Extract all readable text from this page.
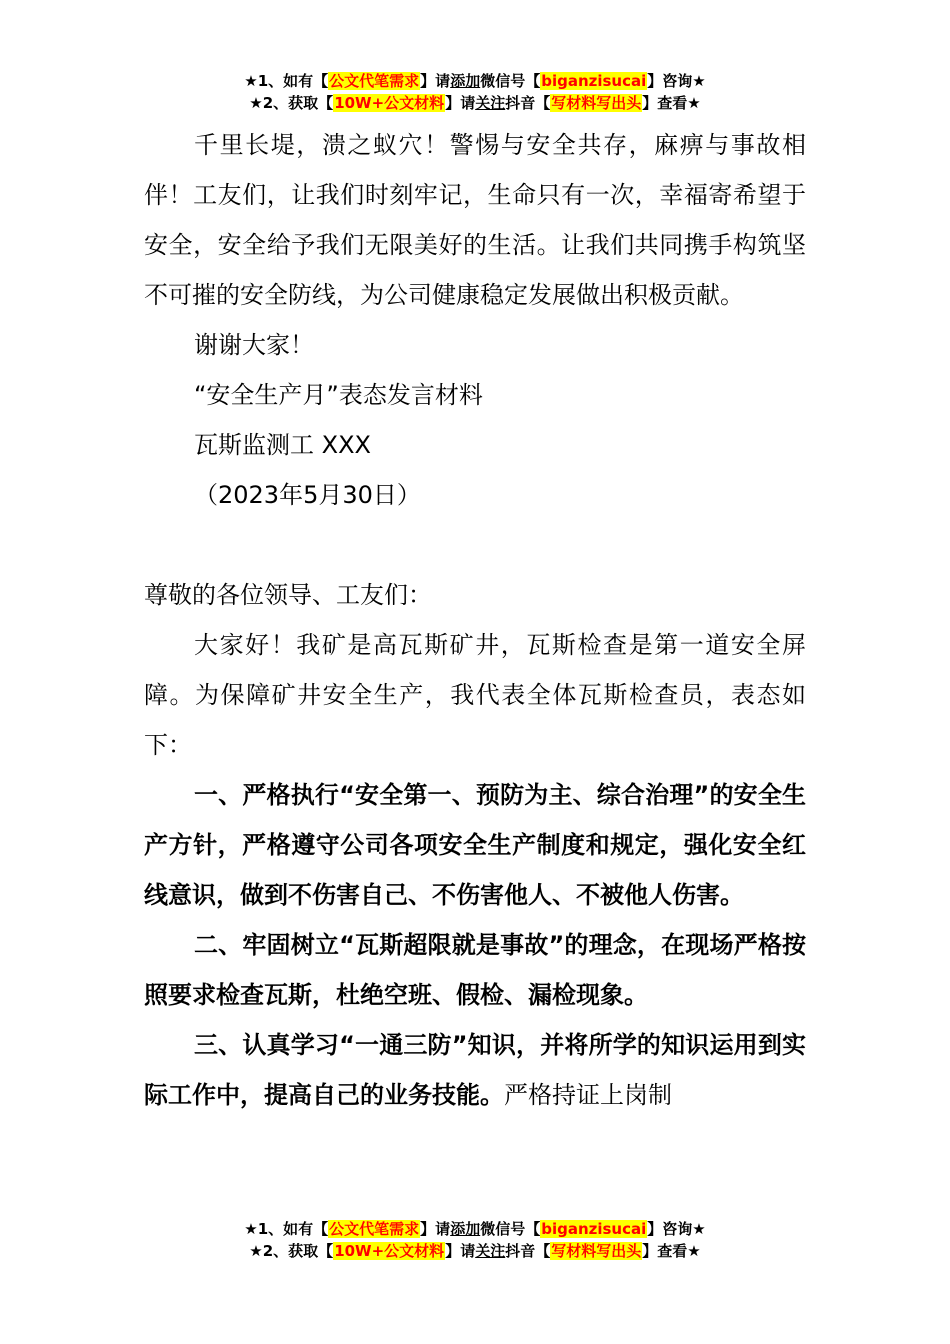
★1、如有【公文代笔需求】请添加微信号【biganzisucai】咨询★
★2、获取【10W+公文材料】请关注抖音【写材料写出头】查看★

千里长堤，溃之蚁穴！警惕与安全共存，麻痹与事故相伴！工友们，让我们时刻牢记，生命只有一次，幸福寄希望于安全，安全给予我们无限美好的生活。让我们共同携手构筑坚不可摧的安全防线，为公司健康稳定发展做出积极贡献。

谢谢大家！

“安全生产月”表态发言材料

瓦斯监测工 XXX

（2023年5月30日）

尊敬的各位领导、工友们：

大家好！我矿是高瓦斯矿井，瓦斯检查是第一道安全屏障。为保障矿井安全生产，我代表全体瓦斯检查员，表态如下：

一、严格执行“安全第一、预防为主、综合治理”的安全生产方针，严格遵守公司各项安全生产制度和规定，强化安全红线意识，做到不伤害自己、不伤害他人、不被他人伤害。

二、牢固树立“瓦斯超限就是事故”的理念，在现场严格按照要求检查瓦斯，杜绝空班、假检、漏检现象。

三、认真学习“一通三防”知识，并将所学的知识运用到实际工作中，提高自己的业务技能。严格持证上岗制

★1、如有【公文代笔需求】请添加微信号【biganzisucai】咨询★
★2、获取【10W+公文材料】请关注抖音【写材料写出头】查看★
